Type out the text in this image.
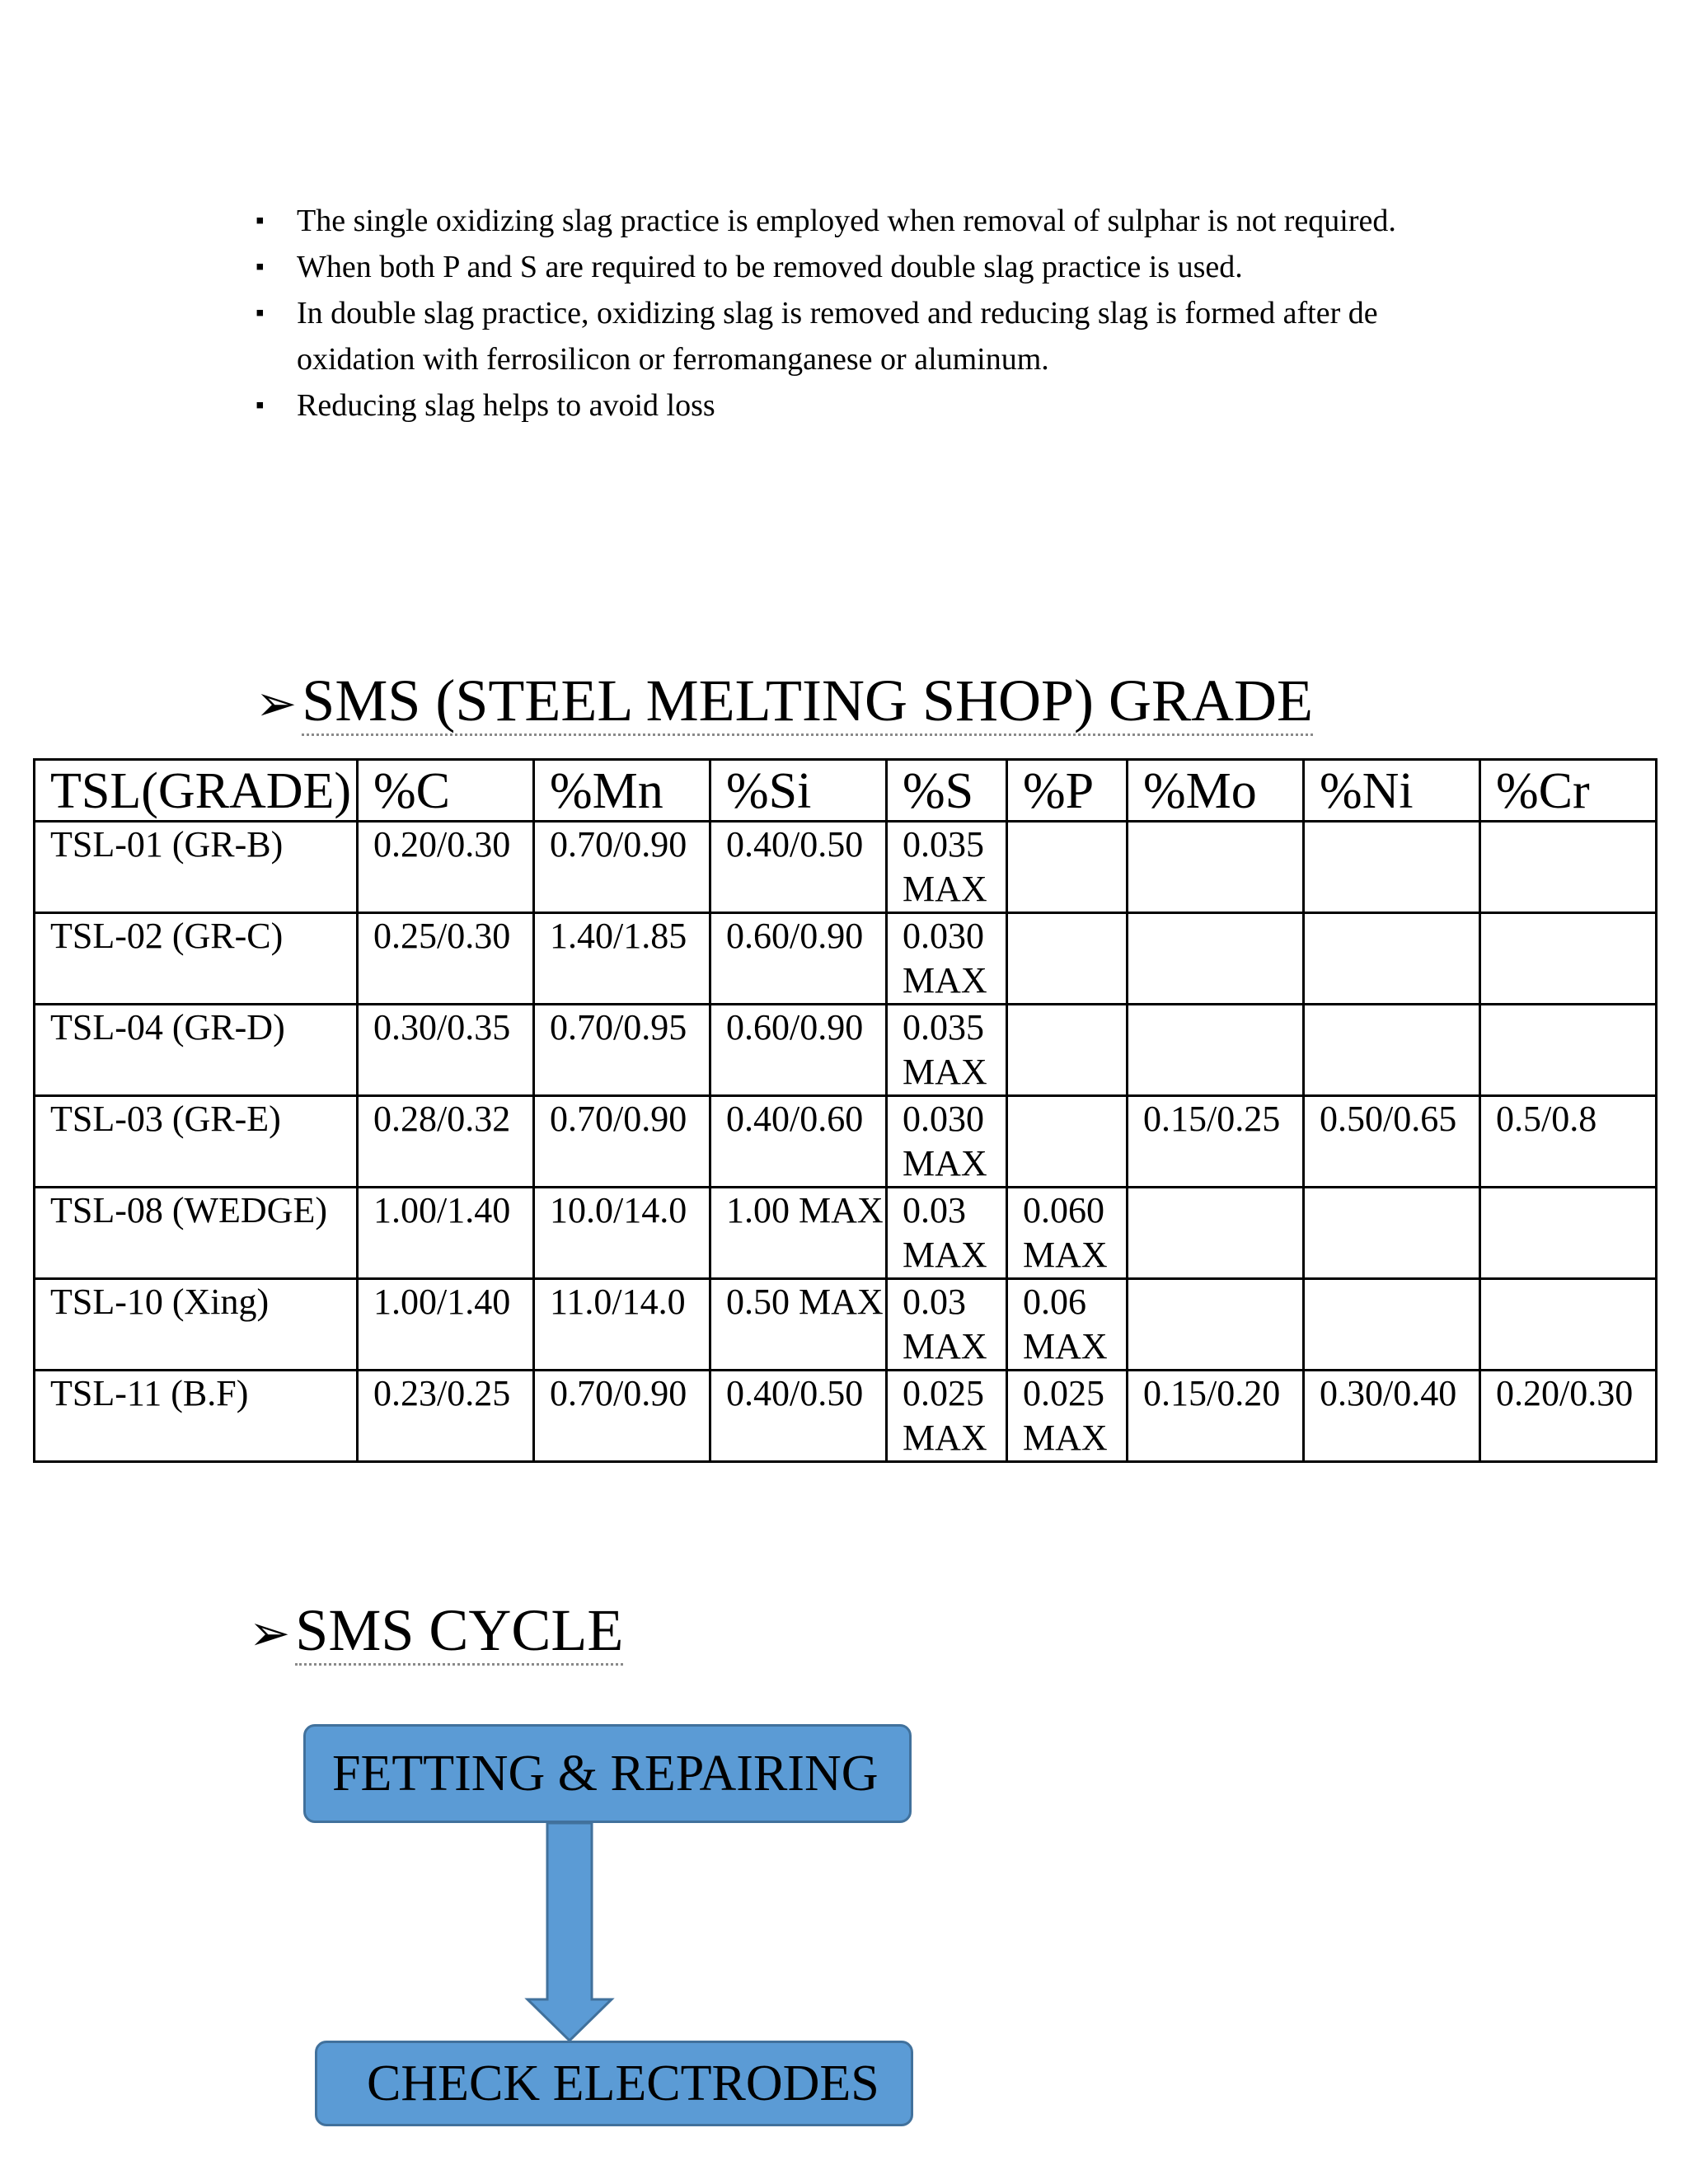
▪ The single oxidizing slag practice is employed when removal of sulphar is not required.
▪ When both P and S are required to be removed double slag practice is used.
▪ In double slag practice, oxidizing slag is removed and reducing slag is formed after de oxidation with ferrosilicon or ferromanganese or aluminum.
▪ Reducing slag helps to avoid loss
➢ SMS (STEEL MELTING SHOP) GRADE
TSL(GRADE)	%C	%Mn	%Si	%S	%P	%Mo	%Ni	%Cr
TSL-01 (GR-B)	0.20/0.30	0.70/0.90	0.40/0.50	0.035 MAX				
TSL-02 (GR-C)	0.25/0.30	1.40/1.85	0.60/0.90	0.030 MAX				
TSL-04 (GR-D)	0.30/0.35	0.70/0.95	0.60/0.90	0.035 MAX				
TSL-03 (GR-E)	0.28/0.32	0.70/0.90	0.40/0.60	0.030 MAX		0.15/0.25	0.50/0.65	0.5/0.8
TSL-08 (WEDGE)	1.00/1.40	10.0/14.0	1.00 MAX	0.03 MAX	0.060 MAX			
TSL-10 (Xing)	1.00/1.40	11.0/14.0	0.50 MAX	0.03 MAX	0.06 MAX			
TSL-11 (B.F)	0.23/0.25	0.70/0.90	0.40/0.50	0.025 MAX	0.025 MAX	0.15/0.20	0.30/0.40	0.20/0.30
➢ SMS CYCLE
FETTING & REPAIRING
CHECK ELECTRODES
